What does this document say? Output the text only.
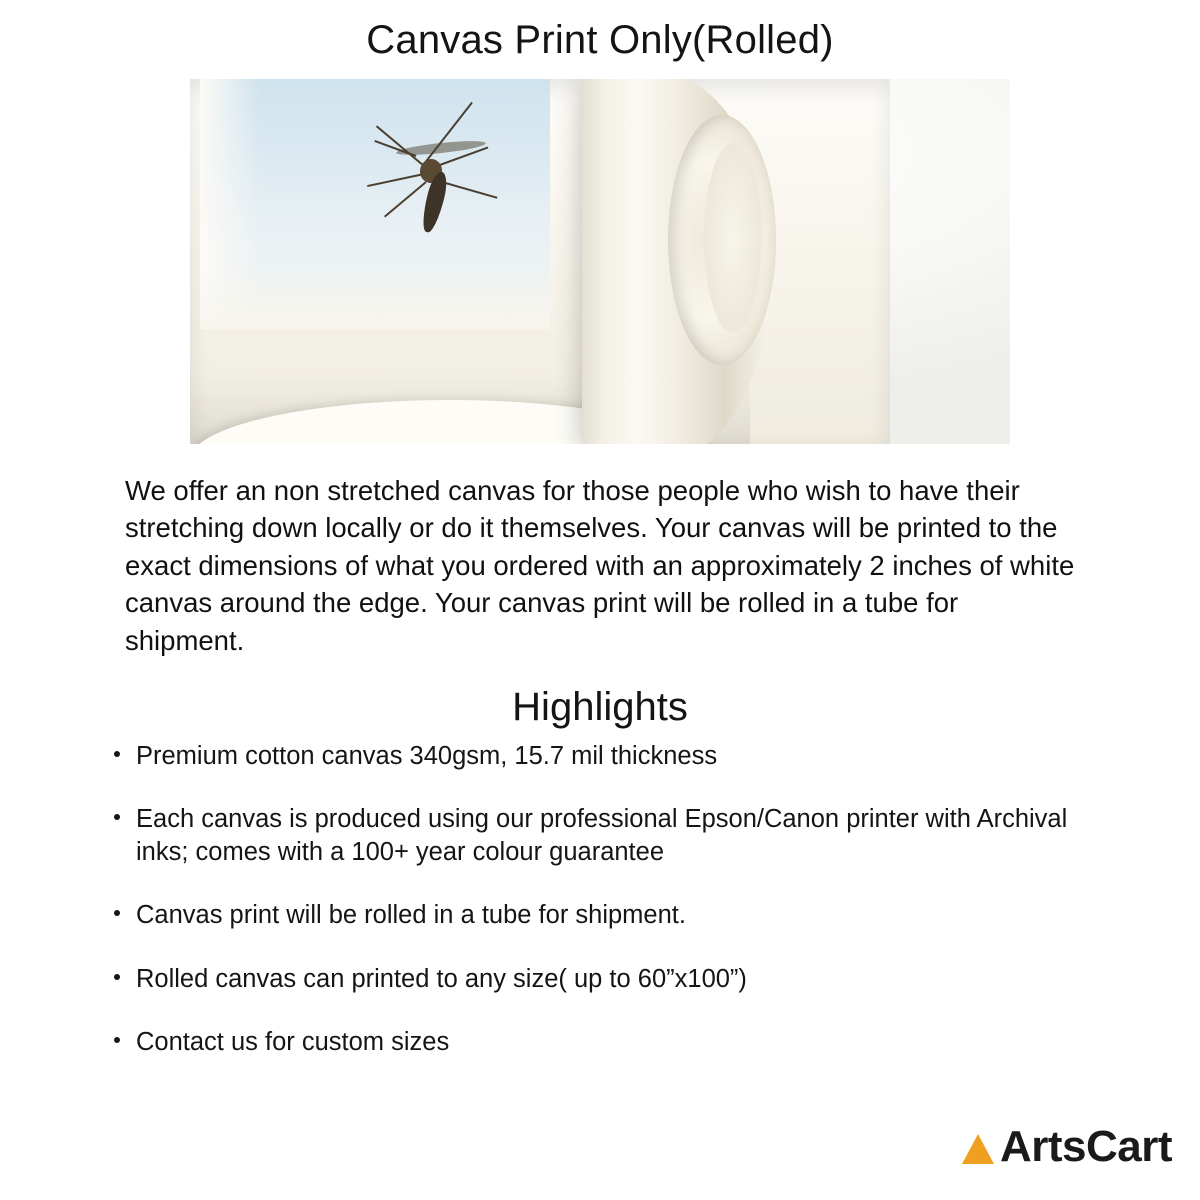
Canvas Print Only(Rolled)

We offer an non stretched canvas for those people who wish to have their stretching down locally or do it themselves. Your canvas will be printed to the exact dimensions of what you ordered with an approximately 2 inches of white canvas around the edge. Your canvas print will be rolled in a tube for shipment.

Highlights
Premium cotton canvas 340gsm, 15.7 mil thickness
Each canvas is produced using our professional Epson/Canon printer with Archival inks; comes with a 100+ year colour guarantee
Canvas print will be rolled in a tube for shipment.
Rolled canvas can printed to any size( up to 60”x100”)
Contact us for custom sizes
ArtsCart
